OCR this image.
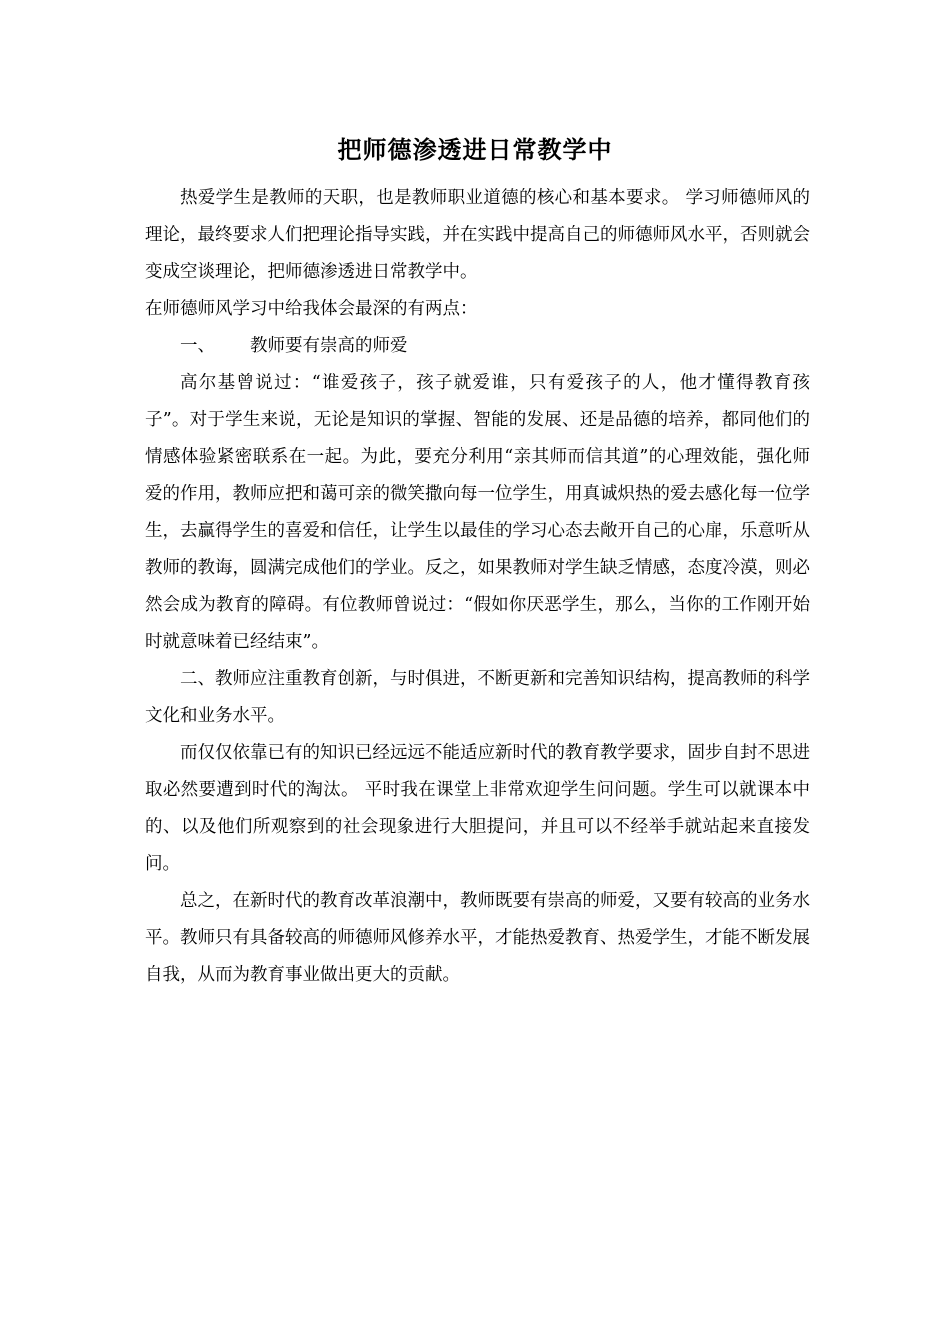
把师德渗透进日常教学中

热爱学生是教师的天职，也是教师职业道德的核心和基本要求。 学习师德师风的理论，最终要求人们把理论指导实践，并在实践中提高自己的师德师风水平，否则就会变成空谈理论，把师德渗透进日常教学中。

在师德师风学习中给我体会最深的有两点：

一、 教师要有崇高的师爱

高尔基曾说过：“谁爱孩子，孩子就爱谁，只有爱孩子的人，他才懂得教育孩子”。对于学生来说，无论是知识的掌握、智能的发展、还是品德的培养，都同他们的情感体验紧密联系在一起。为此，要充分利用“亲其师而信其道”的心理效能，强化师爱的作用，教师应把和蔼可亲的微笑撒向每一位学生，用真诚炽热的爱去感化每一位学生，去赢得学生的喜爱和信任，让学生以最佳的学习心态去敞开自己的心扉，乐意听从教师的教诲，圆满完成他们的学业。反之，如果教师对学生缺乏情感，态度冷漠，则必然会成为教育的障碍。有位教师曾说过：“假如你厌恶学生，那么，当你的工作刚开始时就意味着已经结束”。

二、教师应注重教育创新，与时俱进，不断更新和完善知识结构，提高教师的科学文化和业务水平。

而仅仅依靠已有的知识已经远远不能适应新时代的教育教学要求，固步自封不思进取必然要遭到时代的淘汰。 平时我在课堂上非常欢迎学生问问题。学生可以就课本中的、以及他们所观察到的社会现象进行大胆提问，并且可以不经举手就站起来直接发问。

总之，在新时代的教育改革浪潮中，教师既要有崇高的师爱，又要有较高的业务水平。教师只有具备较高的师德师风修养水平，才能热爱教育、热爱学生，才能不断发展自我，从而为教育事业做出更大的贡献。
